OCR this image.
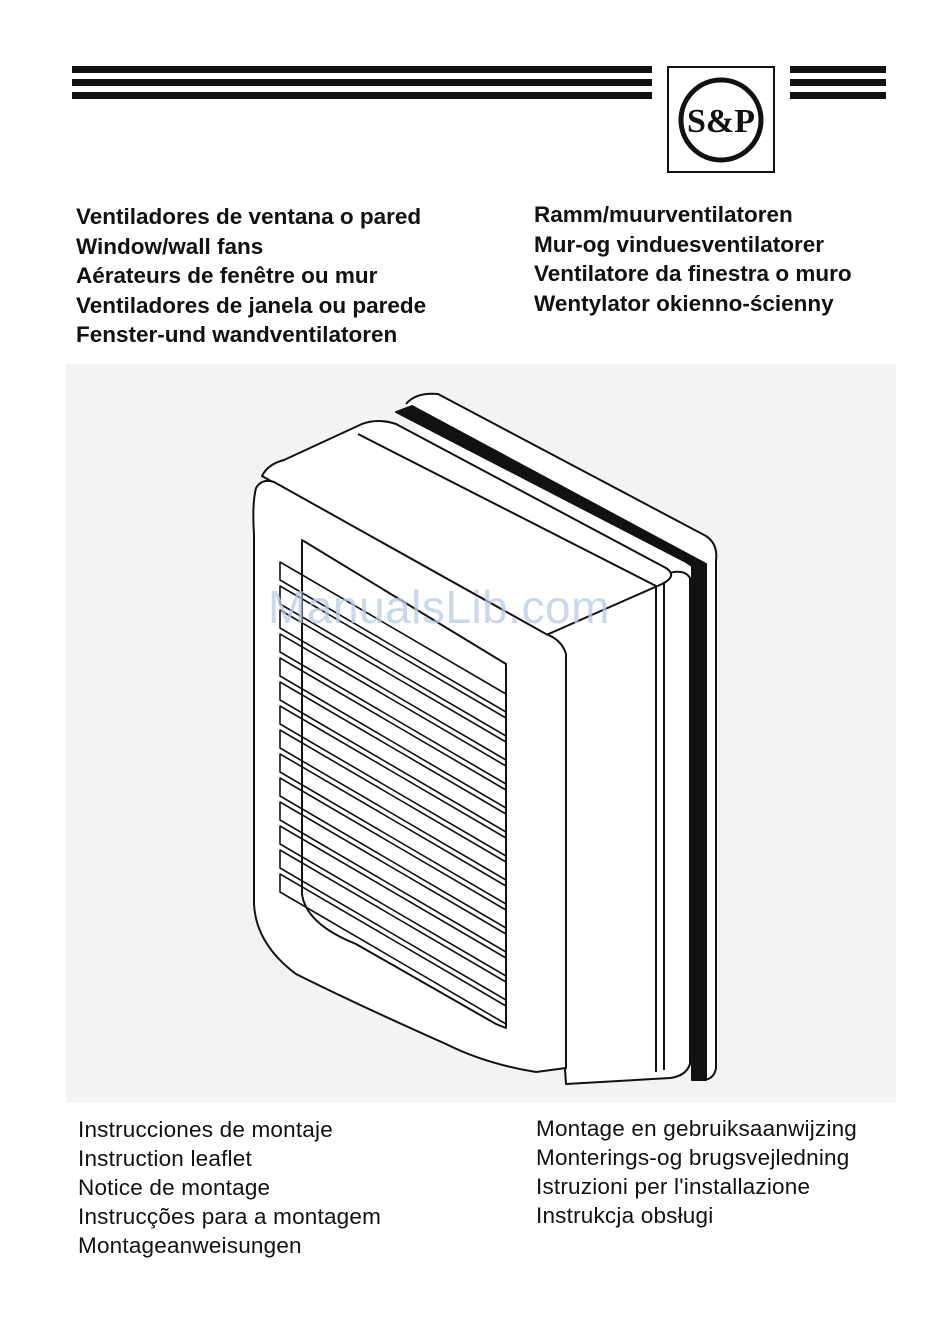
S&P
Ventiladores de ventana o pared
Window/wall fans
Aérateurs de fenêtre ou mur
Ventiladores de janela ou parede
Fenster-und wandventilatoren
Ramm/muurventilatoren
Mur-og vinduesventilatorer
Ventilatore da finestra o muro
Wentylator okienno-ścienny
ManualsLib.com
Instrucciones de montaje
Instruction leaflet
Notice de montage
Instrucções para a montagem
Montageanweisungen
Montage en gebruiksaanwijzing
Monterings-og brugsvejledning
Istruzioni per l'installazione
Instrukcja obsługi
